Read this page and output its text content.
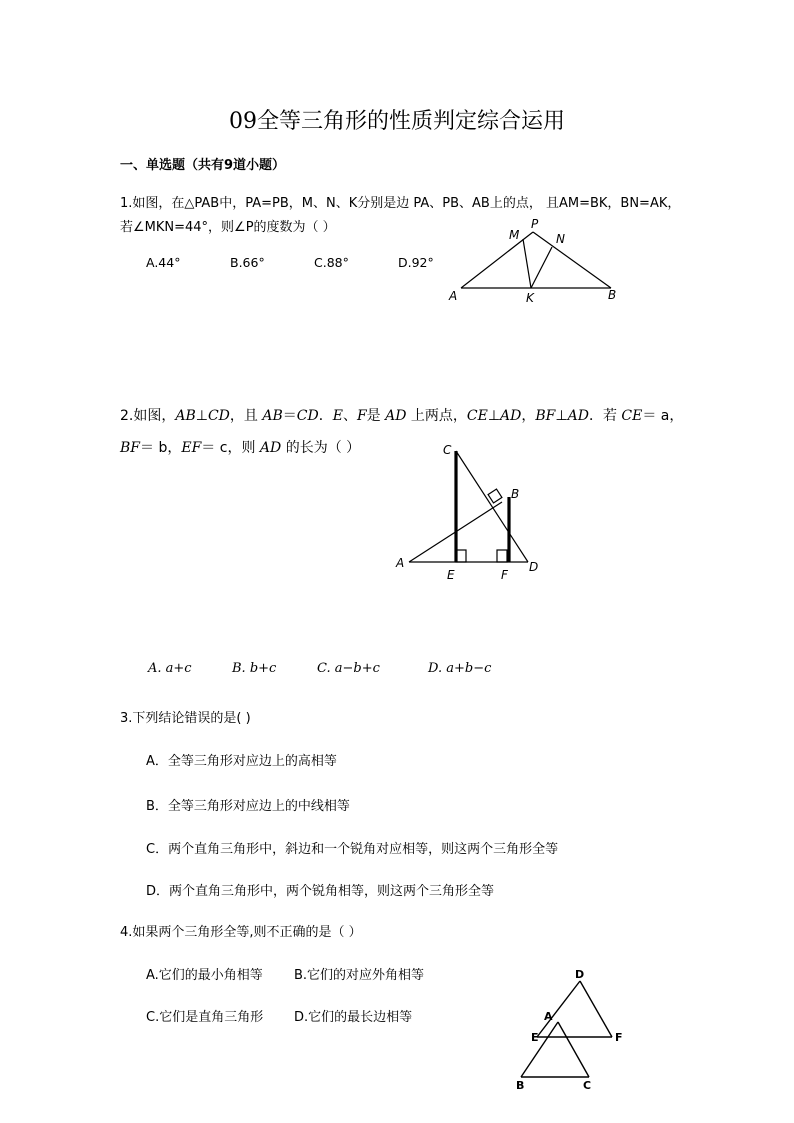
09全等三角形的性质判定综合运用
一、单选题（共有9道小题）
1.如图，在△PAB中，PA=PB，M、N、K分别是边 PA、PB、AB上的点， 且AM=BK，BN=AK，
若∠MKN=44°，则∠P的度数为（ ）
A.44°	B.66°	C.88°	D.92°
P
M	N
A	K	B
C
B
A
E	F
D
D
A
E	F
B	C
2.如图，AB⊥CD，且 AB＝CD．E、F是 AD 上两点，CE⊥AD，BF⊥AD．若 CE＝ a，
BF＝ b，EF＝ c，则 AD 的长为（ ）
A. a+c	B. b+c	C. a−b+c	D. a+b−c
3.下列结论错误的是( )
A．全等三角形对应边上的高相等
B．全等三角形对应边上的中线相等
C．两个直角三角形中，斜边和一个锐角对应相等，则这两个三角形全等
D．两个直角三角形中，两个锐角相等，则这两个三角形全等
4.如果两个三角形全等,则不正确的是（ ）
A.它们的最小角相等 B.它们的对应外角相等
C.它们是直角三角形 D.它们的最长边相等
